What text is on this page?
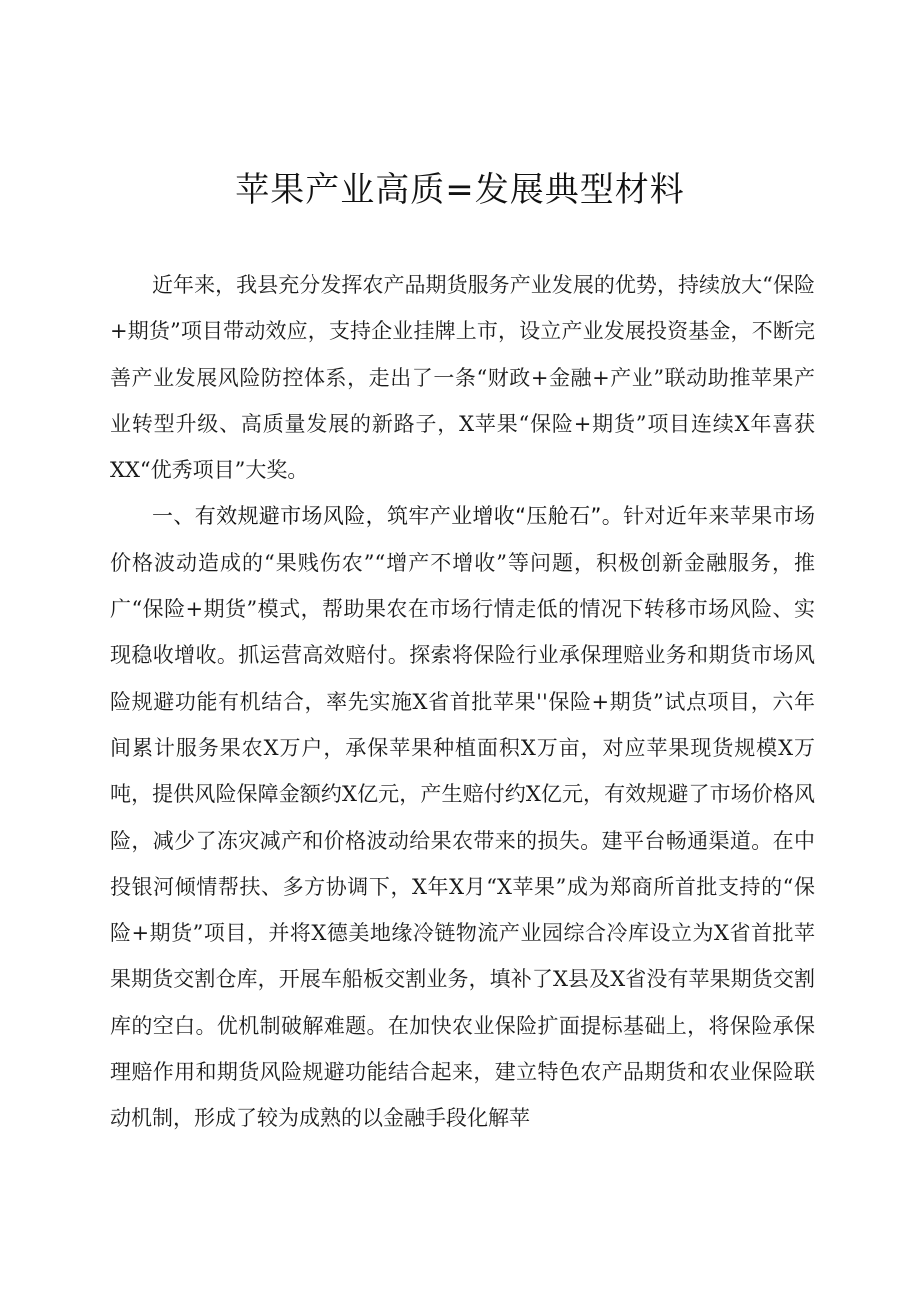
苹果产业高质=发展典型材料

近年来，我县充分发挥农产品期货服务产业发展的优势，持续放大“保险+期货”项目带动效应，支持企业挂牌上市，设立产业发展投资基金，不断完善产业发展风险防控体系，走出了一条“财政+金融+产业”联动助推苹果产业转型升级、高质量发展的新路子，X苹果“保险+期货”项目连续X年喜获XX“优秀项目”大奖。

一、有效规避市场风险，筑牢产业增收“压舱石”。针对近年来苹果市场价格波动造成的“果贱伤农”“增产不增收”等问题，积极创新金融服务，推广“保险+期货”模式，帮助果农在市场行情走低的情况下转移市场风险、实现稳收增收。抓运营高效赔付。探索将保险行业承保理赔业务和期货市场风险规避功能有机结合，率先实施X省首批苹果''保险+期货”试点项目，六年间累计服务果农X万户，承保苹果种植面积X万亩，对应苹果现货规模X万吨，提供风险保障金额约X亿元，产生赔付约X亿元，有效规避了市场价格风险，减少了冻灾减产和价格波动给果农带来的损失。建平台畅通渠道。在中投银河倾情帮扶、多方协调下，X年X月“X苹果”成为郑商所首批支持的“保险+期货”项目，并将X德美地缘冷链物流产业园综合冷库设立为X省首批苹果期货交割仓库，开展车船板交割业务，填补了X县及X省没有苹果期货交割库的空白。优机制破解难题。在加快农业保险扩面提标基础上，将保险承保理赔作用和期货风险规避功能结合起来，建立特色农产品期货和农业保险联动机制，形成了较为成熟的以金融手段化解苹
